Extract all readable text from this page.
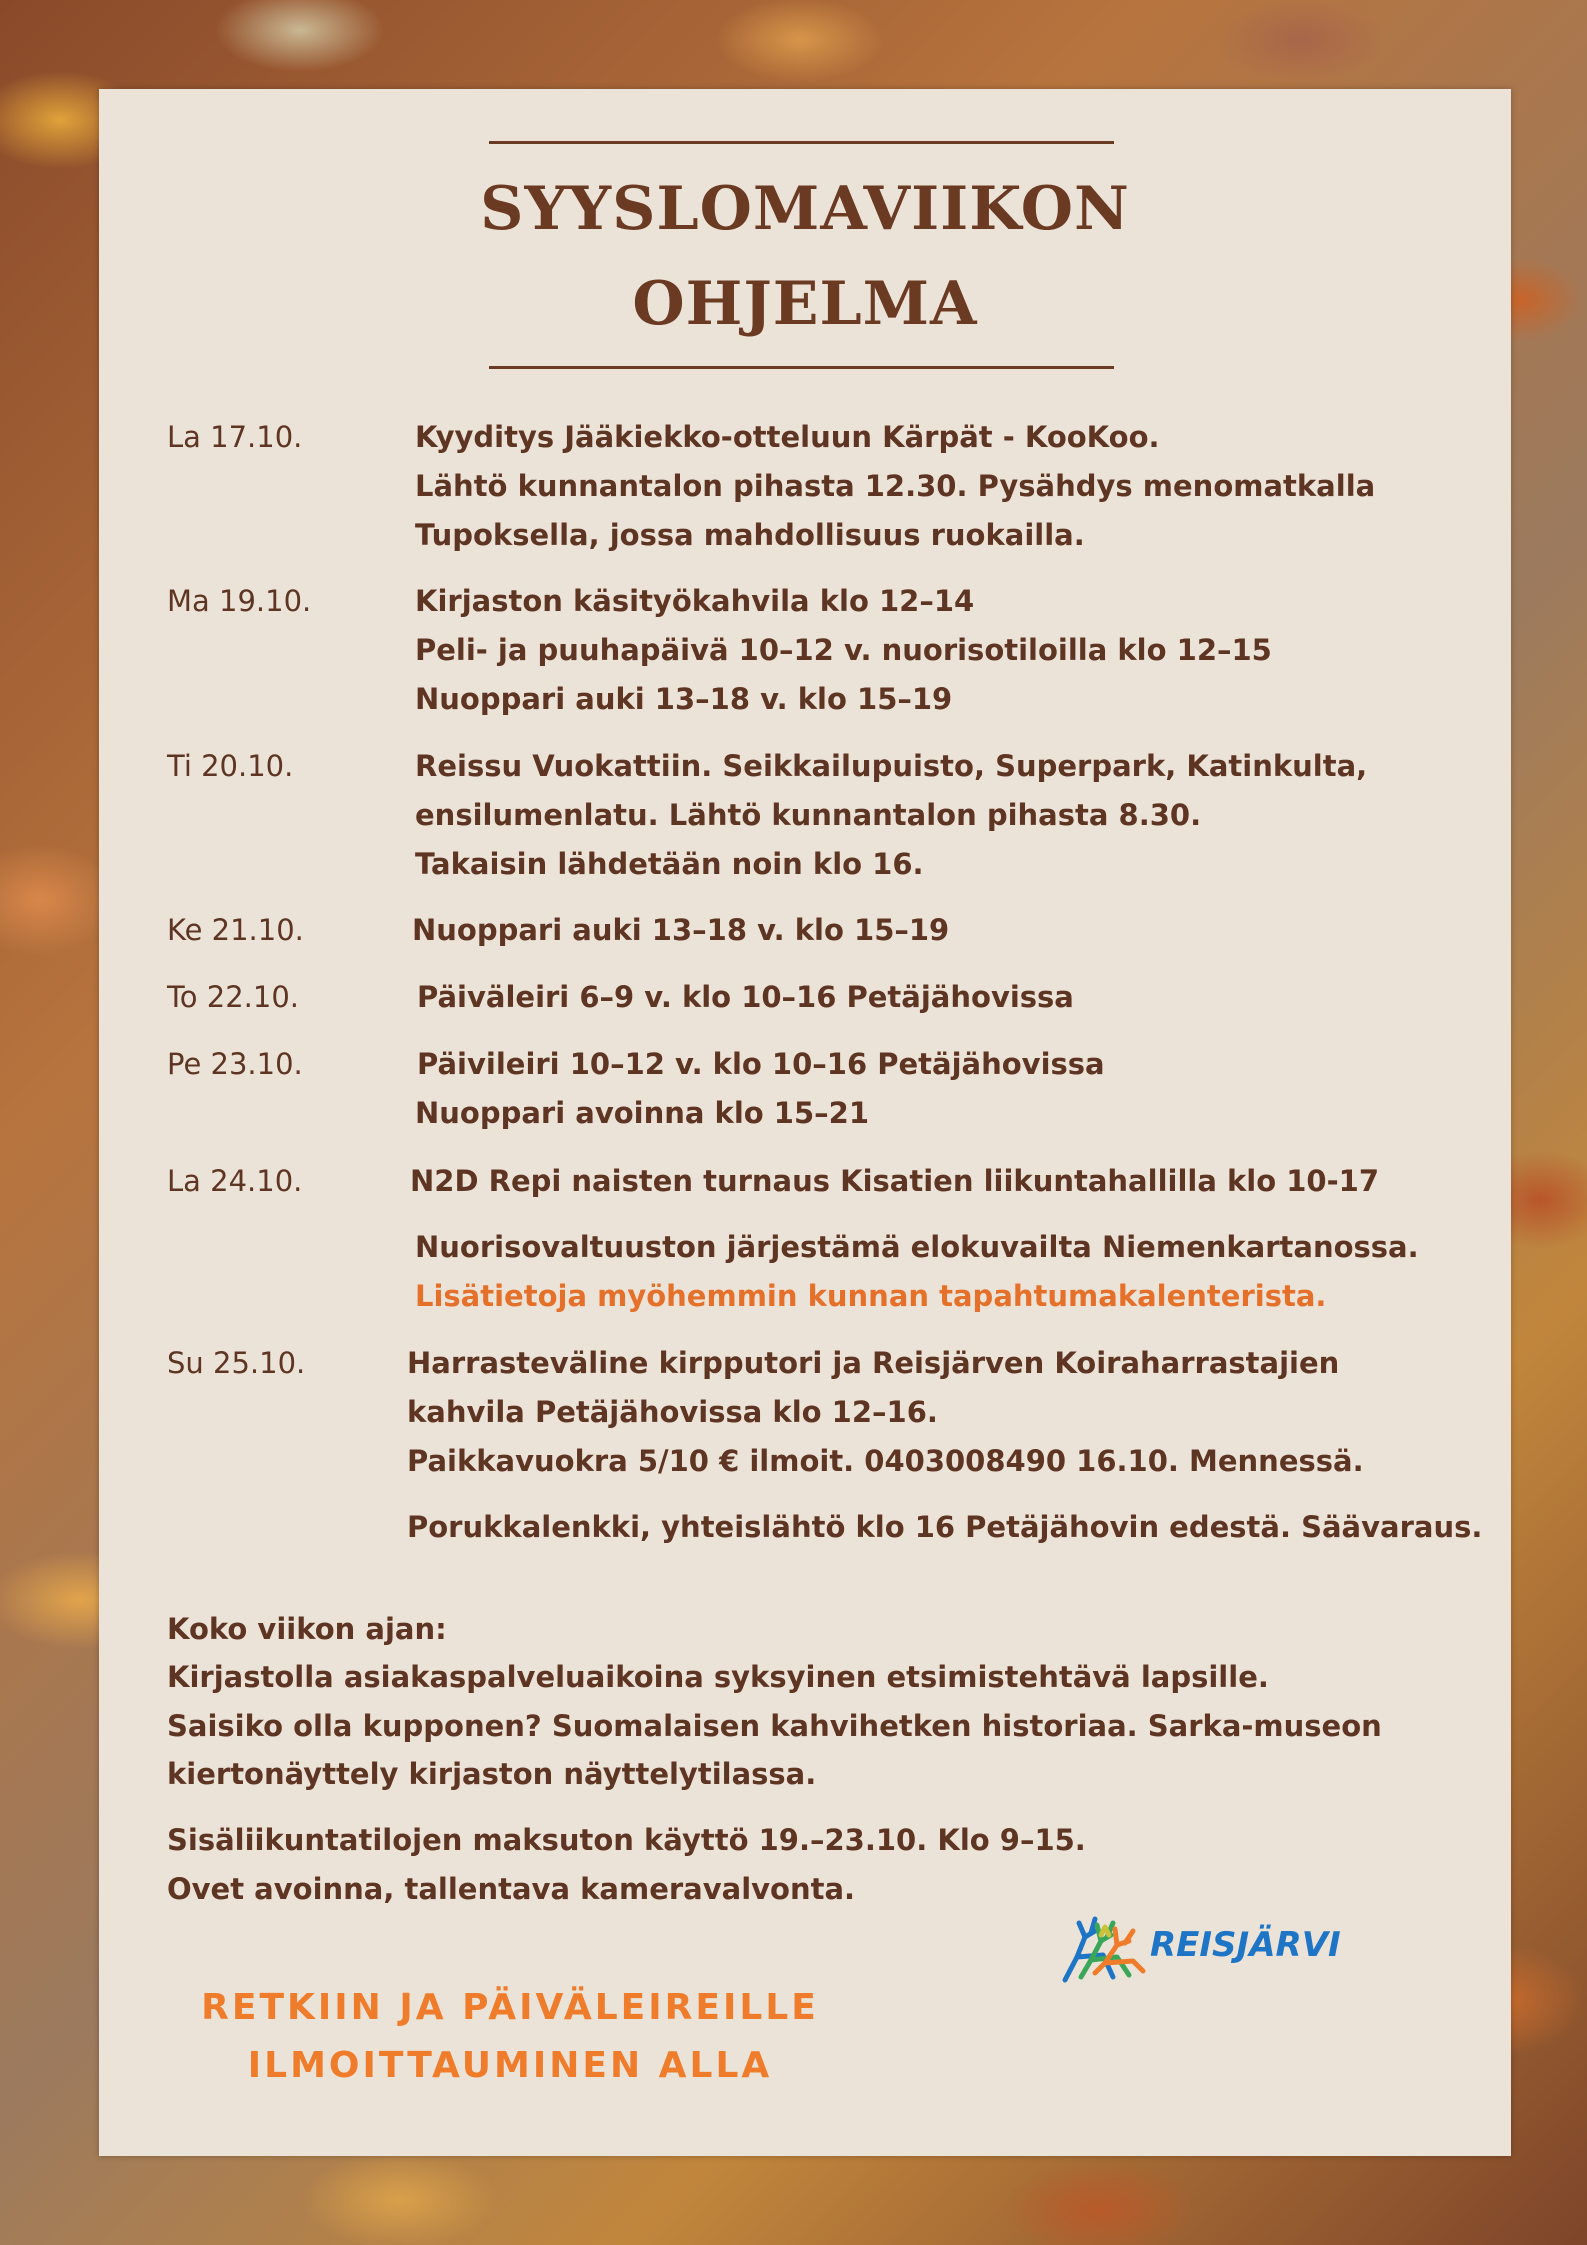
SYYSLOMAVIIKON
OHJELMA
La 17.10.	Kyyditys Jääkiekko-otteluun Kärpät - KooKoo.
Lähtö kunnantalon pihasta 12.30. Pysähdys menomatkalla
Tupoksella, jossa mahdollisuus ruokailla.
Ma 19.10.	Kirjaston käsityökahvila klo 12–14
Peli- ja puuhapäivä 10–12 v. nuorisotiloilla klo 12–15
Nuoppari auki 13–18 v. klo 15–19
Ti 20.10.	Reissu Vuokattiin. Seikkailupuisto, Superpark, Katinkulta,
ensilumenlatu. Lähtö kunnantalon pihasta 8.30.
Takaisin lähdetään noin klo 16.
Ke 21.10.	Nuoppari auki 13–18 v. klo 15–19
To 22.10.	Päiväleiri 6–9 v. klo 10–16 Petäjähovissa
Pe 23.10.	Päivileiri 10–12 v. klo 10–16 Petäjähovissa
Nuoppari avoinna klo 15–21
La 24.10.	N2D Repi naisten turnaus Kisatien liikuntahallilla klo 10-17
Nuorisovaltuuston järjestämä elokuvailta Niemenkartanossa.
Lisätietoja myöhemmin kunnan tapahtumakalenterista.
Su 25.10.	Harrasteväline kirpputori ja Reisjärven Koiraharrastajien
kahvila Petäjähovissa klo 12–16.
Paikkavuokra 5/10 € ilmoit. 0403008490 16.10. Mennessä.
Porukkalenkki, yhteislähtö klo 16 Petäjähovin edestä. Säävaraus.
Koko viikon ajan:
Kirjastolla asiakaspalveluaikoina syksyinen etsimistehtävä lapsille.
Saisiko olla kupponen? Suomalaisen kahvihetken historiaa. Sarka-museon
kiertonäyttely kirjaston näyttelytilassa.
Sisäliikuntatilojen maksuton käyttö 19.–23.10. Klo 9–15.
Ovet avoinna, tallentava kameravalvonta.
RETKIIN JA PÄIVÄLEIREILLE
ILMOITTAUMINEN ALLA
REISJÄRVI
